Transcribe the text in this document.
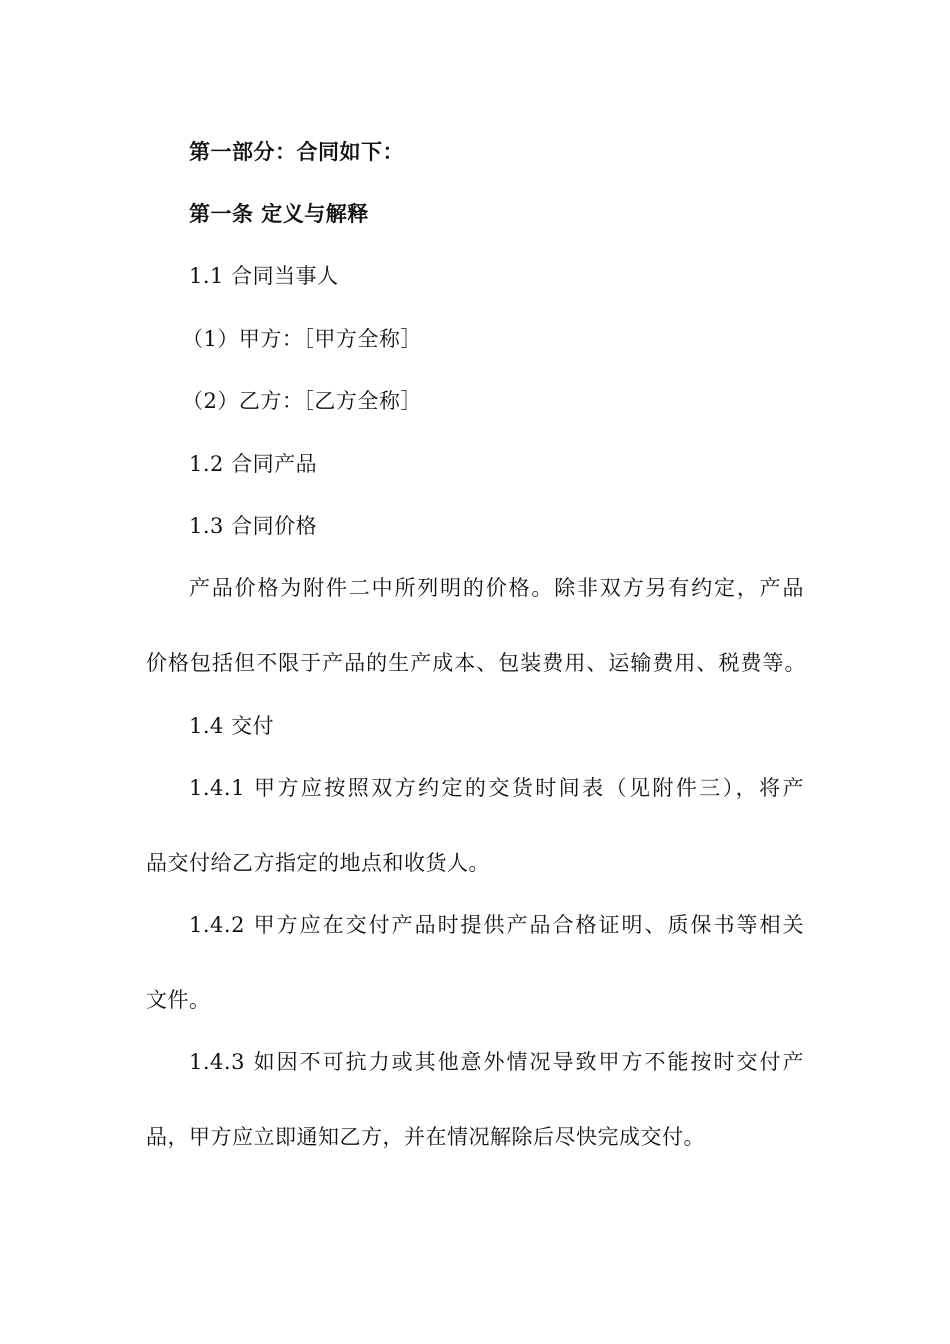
第一部分：合同如下：
第一条 定义与解释
1.1 合同当事人
（1）甲方：［甲方全称］
（2）乙方：［乙方全称］
1.2 合同产品
1.3 合同价格
产品价格为附件二中所列明的价格。除非双方另有约定，产品
价格包括但不限于产品的生产成本、包装费用、运输费用、税费等。
1.4 交付
1.4.1 甲方应按照双方约定的交货时间表（见附件三），将产
品交付给乙方指定的地点和收货人。
1.4.2 甲方应在交付产品时提供产品合格证明、质保书等相关
文件。
1.4.3 如因不可抗力或其他意外情况导致甲方不能按时交付产
品，甲方应立即通知乙方，并在情况解除后尽快完成交付。
